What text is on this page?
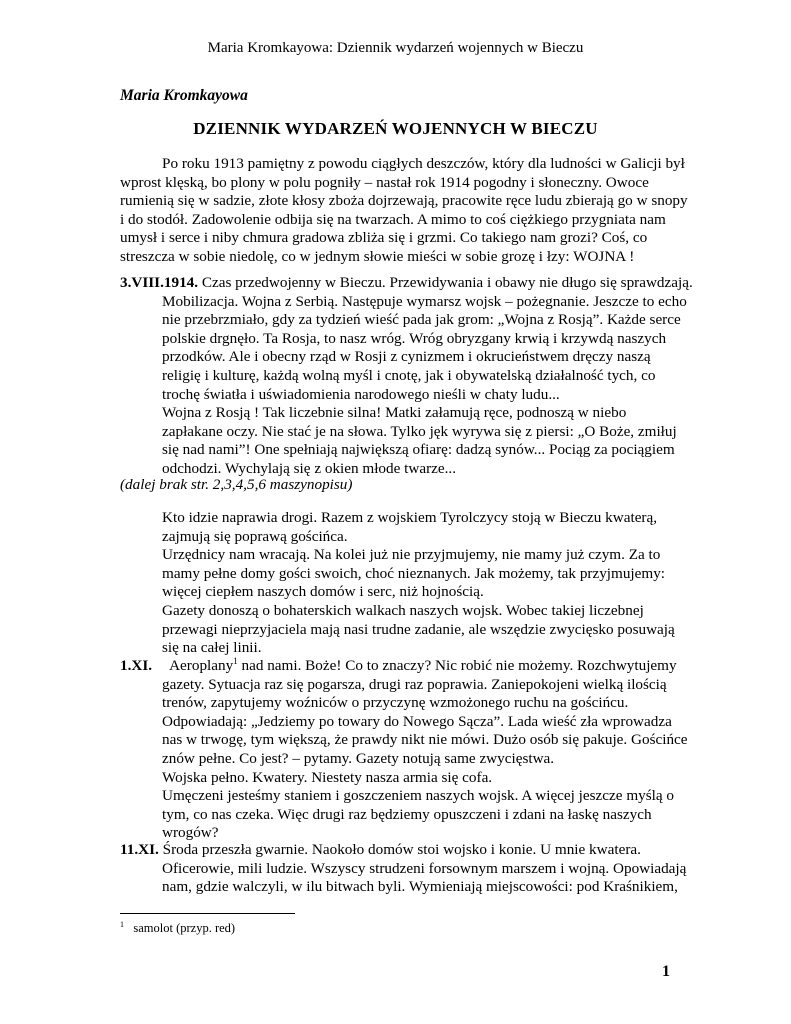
Maria Kromkayowa: Dziennik wydarzeń wojennych w Bieczu
Maria Kromkayowa
DZIENNIK WYDARZEŃ WOJENNYCH W BIECZU
Po roku 1913 pamiętny z powodu ciągłych deszczów, który dla ludności w Galicji był
wprost klęską, bo plony w polu pogniły – nastał rok 1914 pogodny i słoneczny. Owoce
rumienią się w sadzie, złote kłosy zboża dojrzewają, pracowite ręce ludu zbierają go w snopy
i do stodół. Zadowolenie odbija się na twarzach. A mimo to coś ciężkiego przygniata nam
umysł i serce i niby chmura gradowa zbliża się i grzmi. Co takiego nam grozi? Coś, co
streszcza w sobie niedolę, co w jednym słowie mieści w sobie grozę i łzy: WOJNA !
3.VIII.1914. Czas przedwojenny w Bieczu. Przewidywania i obawy nie długo się sprawdzają.
Mobilizacja. Wojna z Serbią. Następuje wymarsz wojsk – pożegnanie. Jeszcze to echo
nie przebrzmiało, gdy za tydzień wieść pada jak grom: „Wojna z Rosją”. Każde serce
polskie drgnęło. Ta Rosja, to nasz wróg. Wróg obryzgany krwią i krzywdą naszych
przodków. Ale i obecny rząd w Rosji z cynizmem i okrucieństwem dręczy naszą
religię i kulturę, każdą wolną myśl i cnotę, jak i obywatelską działalność tych, co
trochę światła i uświadomienia narodowego nieśli w chaty ludu...
Wojna z Rosją ! Tak liczebnie silna! Matki załamują ręce, podnoszą w niebo
zapłakane oczy. Nie stać je na słowa. Tylko jęk wyrywa się z piersi: „O Boże, zmiłuj
się nad nami”! One spełniają największą ofiarę: dadzą synów... Pociąg za pociągiem
odchodzi. Wychylają się z okien młode twarze...
(dalej brak str. 2,3,4,5,6 maszynopisu)
Kto idzie naprawia drogi. Razem z wojskiem Tyrolczycy stoją w Bieczu kwaterą,
zajmują się poprawą gościńca.
Urzędnicy nam wracają. Na kolei już nie przyjmujemy, nie mamy już czym. Za to
mamy pełne domy gości swoich, choć nieznanych. Jak możemy, tak przyjmujemy:
więcej ciepłem naszych domów i serc, niż hojnością.
Gazety donoszą o bohaterskich walkach naszych wojsk. Wobec takiej liczebnej
przewagi nieprzyjaciela mają nasi trudne zadanie, ale wszędzie zwycięsko posuwają
się na całej linii.
1.XI. Aeroplany$^1$ nad nami. Boże! Co to znaczy? Nic robić nie możemy. Rozchwytujemy
gazety. Sytuacja raz się pogarsza, drugi raz poprawia. Zaniepokojeni wielką ilością
trenów, zapytujemy woźniców o przyczynę wzmożonego ruchu na gościńcu.
Odpowiadają: „Jedziemy po towary do Nowego Sącza”. Lada wieść zła wprowadza
nas w trwogę, tym większą, że prawdy nikt nie mówi. Dużo osób się pakuje. Gościńce
znów pełne. Co jest? – pytamy. Gazety notują same zwycięstwa.
Wojska pełno. Kwatery. Niestety nasza armia się cofa.
Umęczeni jesteśmy staniem i goszczeniem naszych wojsk. A więcej jeszcze myślą o
tym, co nas czeka. Więc drugi raz będziemy opuszczeni i zdani na łaskę naszych
wrogów?
11.XI. Środa przeszła gwarnie. Naokoło domów stoi wojsko i konie. U mnie kwatera.
Oficerowie, mili ludzie. Wszyscy strudzeni forsownym marszem i wojną. Opowiadają
nam, gdzie walczyli, w ilu bitwach byli. Wymieniają miejscowości: pod Kraśnikiem,
$^1$ samolot (przyp. red)
1
